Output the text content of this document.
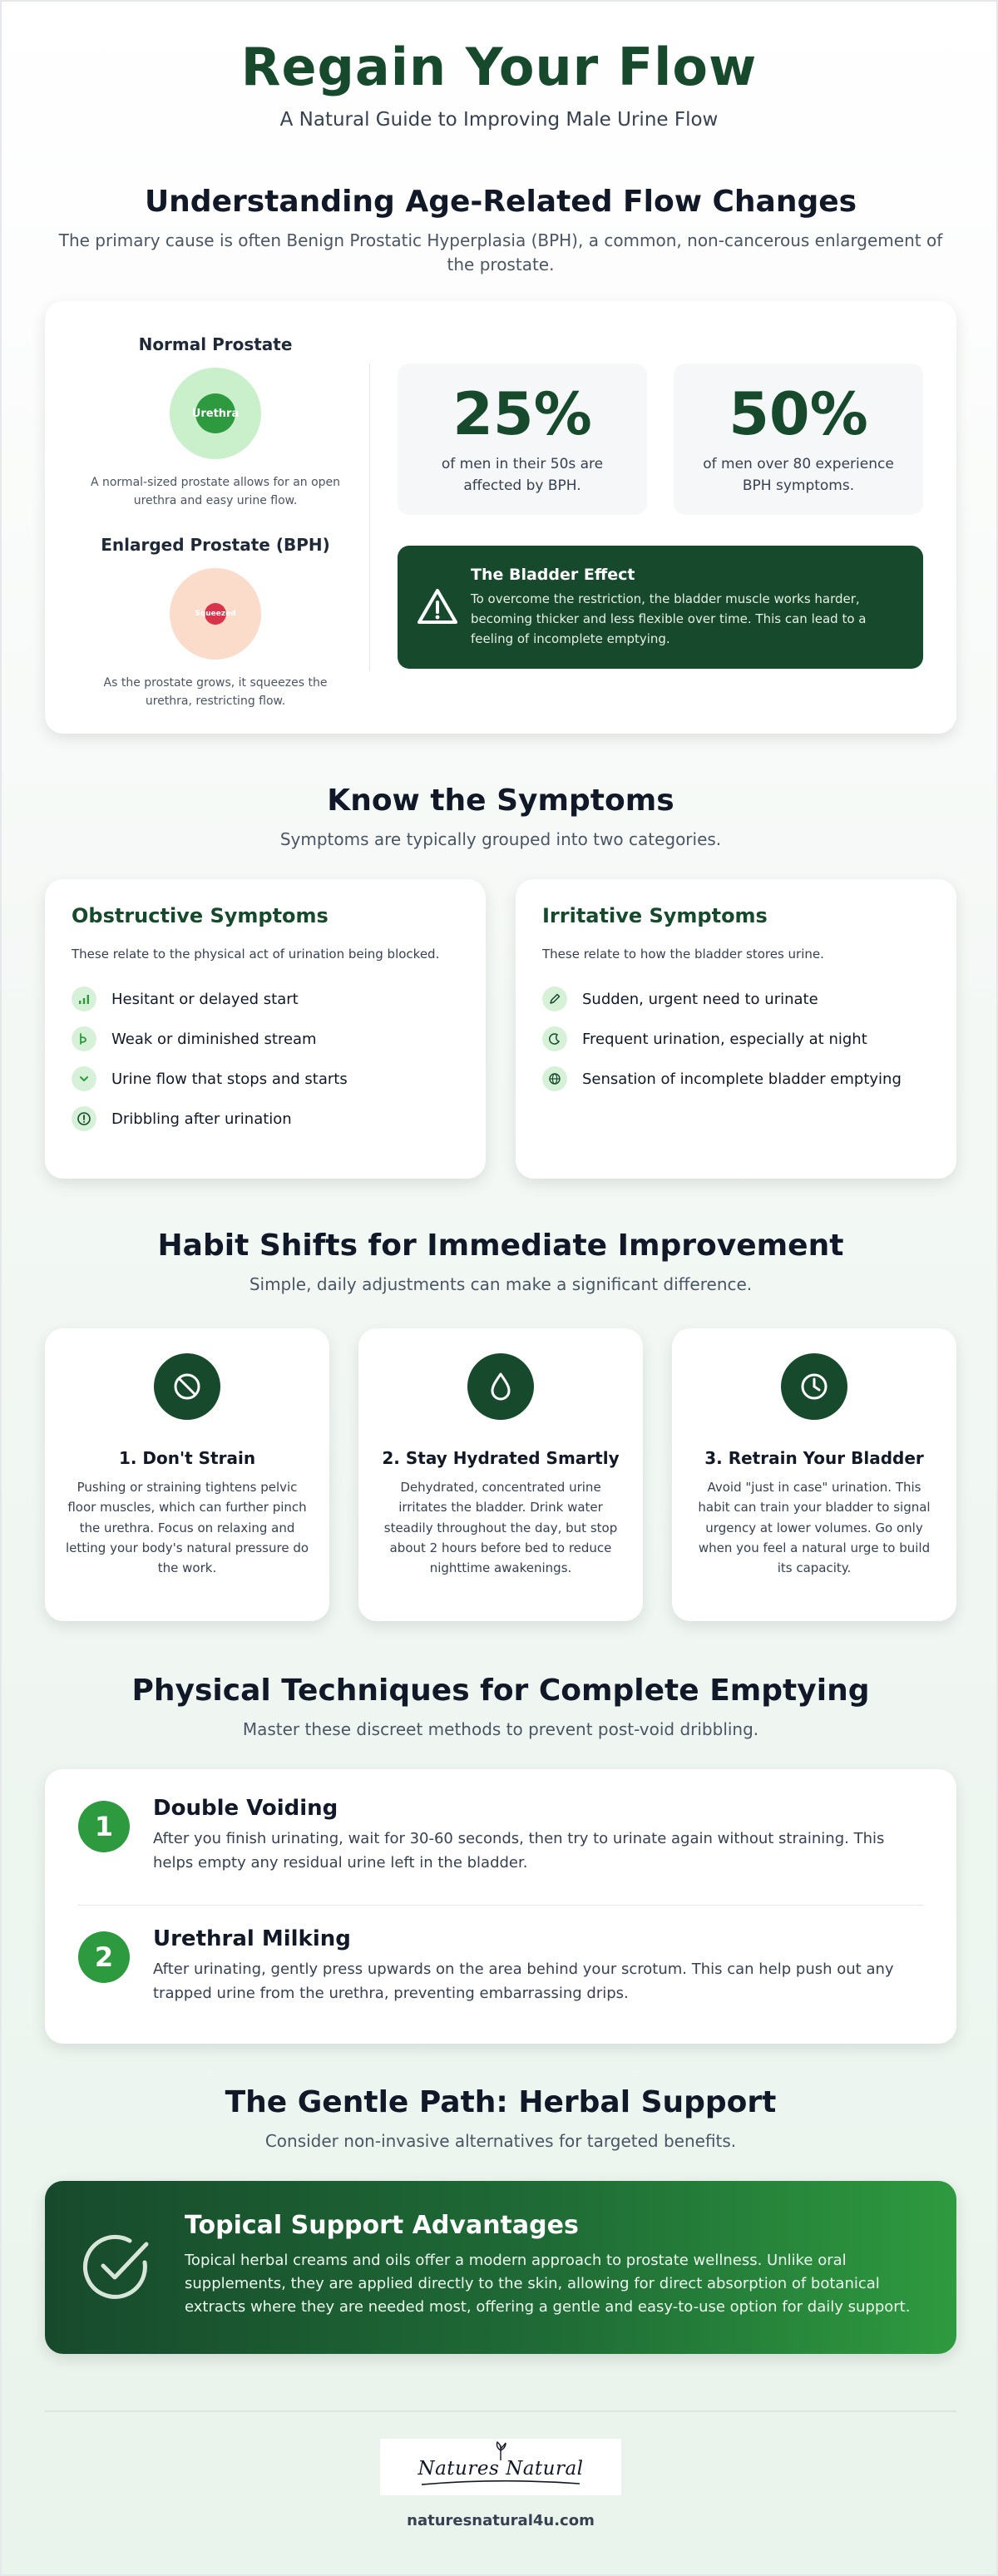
Regain Your Flow
A Natural Guide to Improving Male Urine Flow
Understanding Age-Related Flow Changes

The primary cause is often Benign Prostatic Hyperplasia (BPH), a common, non-cancerous enlargement of the prostate.

Normal Prostate
Urethra

A normal-sized prostate allows for an open urethra and easy urine flow.

Enlarged Prostate (BPH)
Squeezed

As the prostate grows, it squeezes the urethra, restricting flow.

25%
of men in their 50s are affected by BPH.
50%
of men over 80 experience BPH symptoms.
The Bladder Effect

To overcome the restriction, the bladder muscle works harder, becoming thicker and less flexible over time. This can lead to a feeling of incomplete emptying.

Know the Symptoms

Symptoms are typically grouped into two categories.

Obstructive Symptoms

These relate to the physical act of urination being blocked.

Hesitant or delayed start
Weak or diminished stream
Urine flow that stops and starts
Dribbling after urination
Irritative Symptoms

These relate to how the bladder stores urine.

Sudden, urgent need to urinate
Frequent urination, especially at night
Sensation of incomplete bladder emptying
Habit Shifts for Immediate Improvement

Simple, daily adjustments can make a significant difference.

1. Don't Strain

Pushing or straining tightens pelvic floor muscles, which can further pinch the urethra. Focus on relaxing and letting your body's natural pressure do the work.

2. Stay Hydrated Smartly

Dehydrated, concentrated urine irritates the bladder. Drink water steadily throughout the day, but stop about 2 hours before bed to reduce nighttime awakenings.

3. Retrain Your Bladder

Avoid "just in case" urination. This habit can train your bladder to signal urgency at lower volumes. Go only when you feel a natural urge to build its capacity.

Physical Techniques for Complete Emptying

Master these discreet methods to prevent post-void dribbling.

1
Double Voiding

After you finish urinating, wait for 30-60 seconds, then try to urinate again without straining. This helps empty any residual urine left in the bladder.

2
Urethral Milking

After urinating, gently press upwards on the area behind your scrotum. This can help push out any trapped urine from the urethra, preventing embarrassing drips.

The Gentle Path: Herbal Support

Consider non-invasive alternatives for targeted benefits.

Topical Support Advantages

Topical herbal creams and oils offer a modern approach to prostate wellness. Unlike oral supplements, they are applied directly to the skin, allowing for direct absorption of botanical extracts where they are needed most, offering a gentle and easy-to-use option for daily support.

Natures Natural
naturesnatural4u.com
